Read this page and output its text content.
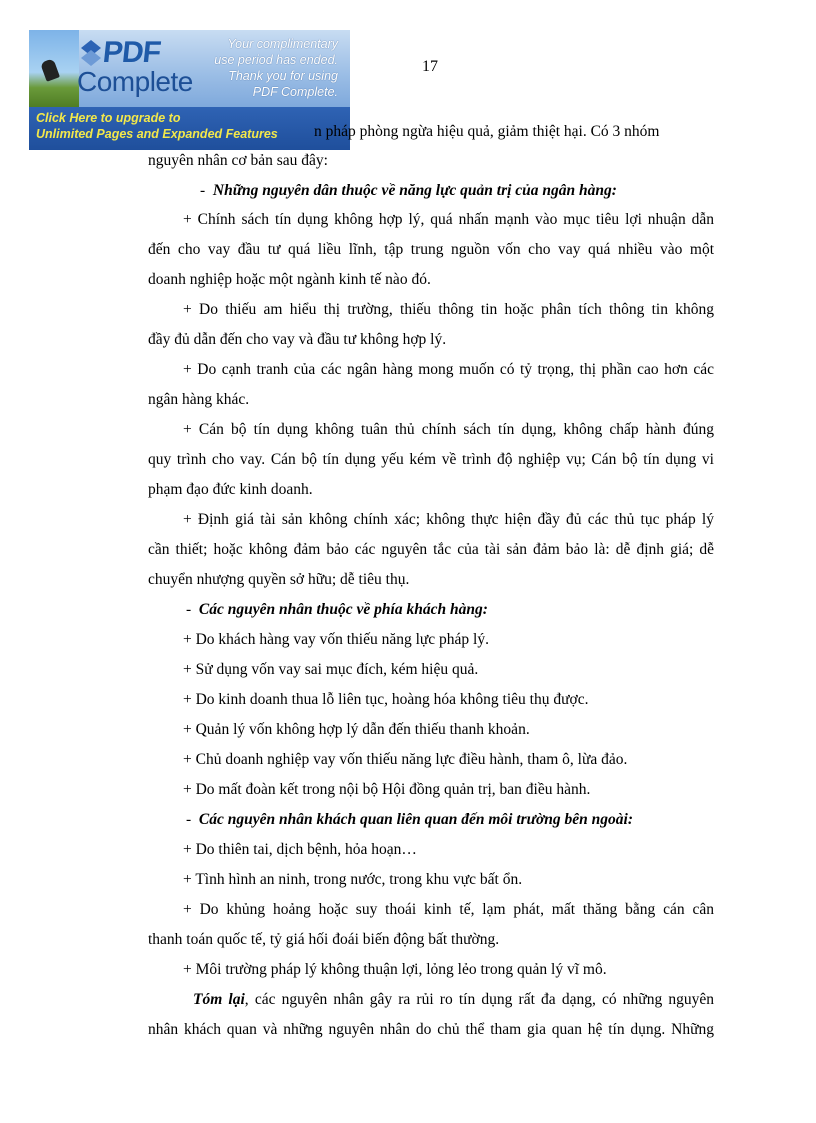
17
PDF
Complete
Your complimentary
use period has ended.
Thank you for using
PDF Complete.
Click Here to upgrade to
Unlimited Pages and Expanded Features	n pháp phòng ngừa hiệu quả, giảm thiệt hại. Có 3 nhóm
nguyên nhân cơ bản sau đây:
- Những nguyên dân thuộc về năng lực quản trị của ngân hàng:
+ Chính sách tín dụng không hợp lý, quá nhấn mạnh vào mục tiêu lợi nhuận dẫn
đến cho vay đầu tư quá liều lĩnh, tập trung nguồn vốn cho vay quá nhiều vào một
doanh nghiệp hoặc một ngành kinh tế nào đó.
+ Do thiếu am hiểu thị trường, thiếu thông tin hoặc phân tích thông tin không
đầy đủ dẫn đến cho vay và đầu tư không hợp lý.
+ Do cạnh tranh của các ngân hàng mong muốn có tỷ trọng, thị phần cao hơn các
ngân hàng khác.
+ Cán bộ tín dụng không tuân thủ chính sách tín dụng, không chấp hành đúng
quy trình cho vay. Cán bộ tín dụng yếu kém về trình độ nghiệp vụ; Cán bộ tín dụng vi
phạm đạo đức kinh doanh.
+ Định giá tài sản không chính xác; không thực hiện đầy đủ các thủ tục pháp lý
cần thiết; hoặc không đảm bảo các nguyên tắc của tài sản đảm bảo là: dễ định giá; dễ
chuyển nhượng quyền sở hữu; dễ tiêu thụ.
- Các nguyên nhân thuộc về phía khách hàng:
+ Do khách hàng vay vốn thiếu năng lực pháp lý.
+ Sử dụng vốn vay sai mục đích, kém hiệu quả.
+ Do kinh doanh thua lỗ liên tục, hoàng hóa không tiêu thụ được.
+ Quản lý vốn không hợp lý dẫn đến thiếu thanh khoản.
+ Chủ doanh nghiệp vay vốn thiếu năng lực điều hành, tham ô, lừa đảo.
+ Do mất đoàn kết trong nội bộ Hội đồng quản trị, ban điều hành.
- Các nguyên nhân khách quan liên quan đến môi trường bên ngoài:
+ Do thiên tai, dịch bệnh, hỏa hoạn…
+ Tình hình an ninh, trong nước, trong khu vực bất ổn.
+ Do khủng hoảng hoặc suy thoái kinh tế, lạm phát, mất thăng bằng cán cân
thanh toán quốc tế, tỷ giá hối đoái biến động bất thường.
+ Môi trường pháp lý không thuận lợi, lỏng lẻo trong quản lý vĩ mô.
Tóm lại, các nguyên nhân gây ra rủi ro tín dụng rất đa dạng, có những nguyên
nhân khách quan và những nguyên nhân do chủ thể tham gia quan hệ tín dụng. Những
